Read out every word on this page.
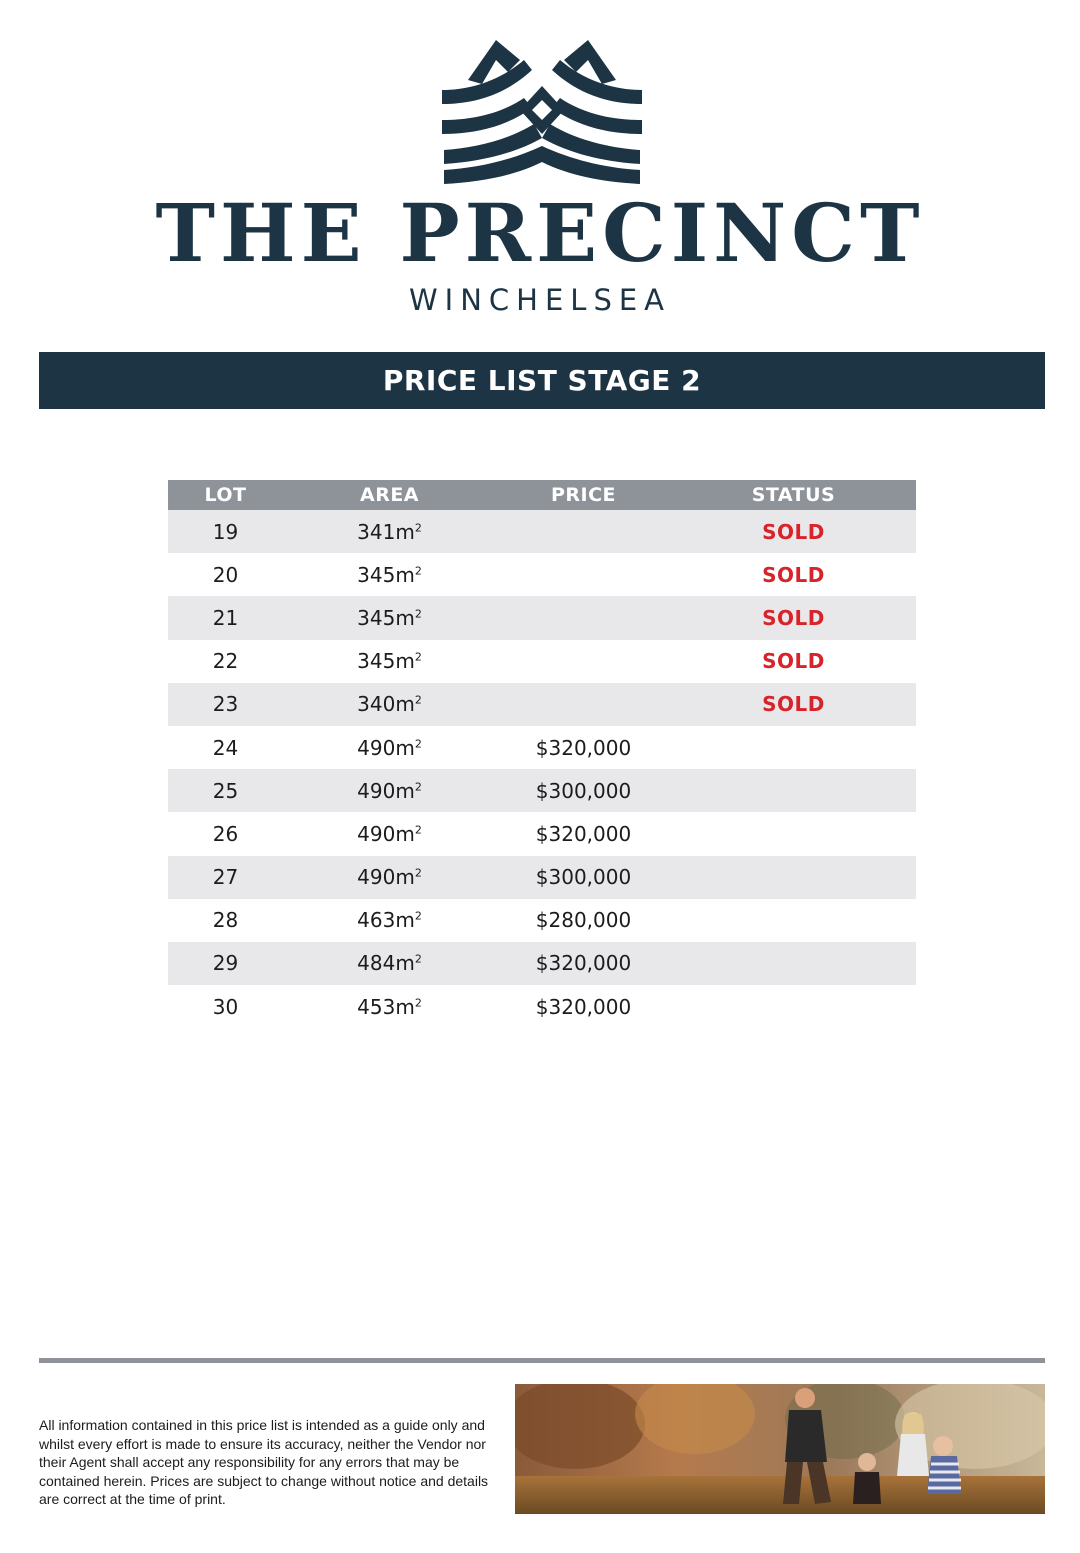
THE PRECINCT

WINCHELSEA

PRICE LIST STAGE 2
LOT	AREA	PRICE	STATUS
19	$341m^2$		SOLD
20	$345m^2$		SOLD
21	$345m^2$		SOLD
22	$345m^2$		SOLD
23	$340m^2$		SOLD
24	$490m^2$	$320,000	
25	$490m^2$	$300,000	
26	$490m^2$	$320,000	
27	$490m^2$	$300,000	
28	$463m^2$	$280,000	
29	$484m^2$	$320,000	
30	$453m^2$	$320,000	

All information contained in this price list is intended as a guide only and whilst every effort is made to ensure its accuracy, neither the Vendor nor their Agent shall accept any responsibility for any errors that may be contained herein. Prices are subject to change without notice and details are correct at the time of print.
